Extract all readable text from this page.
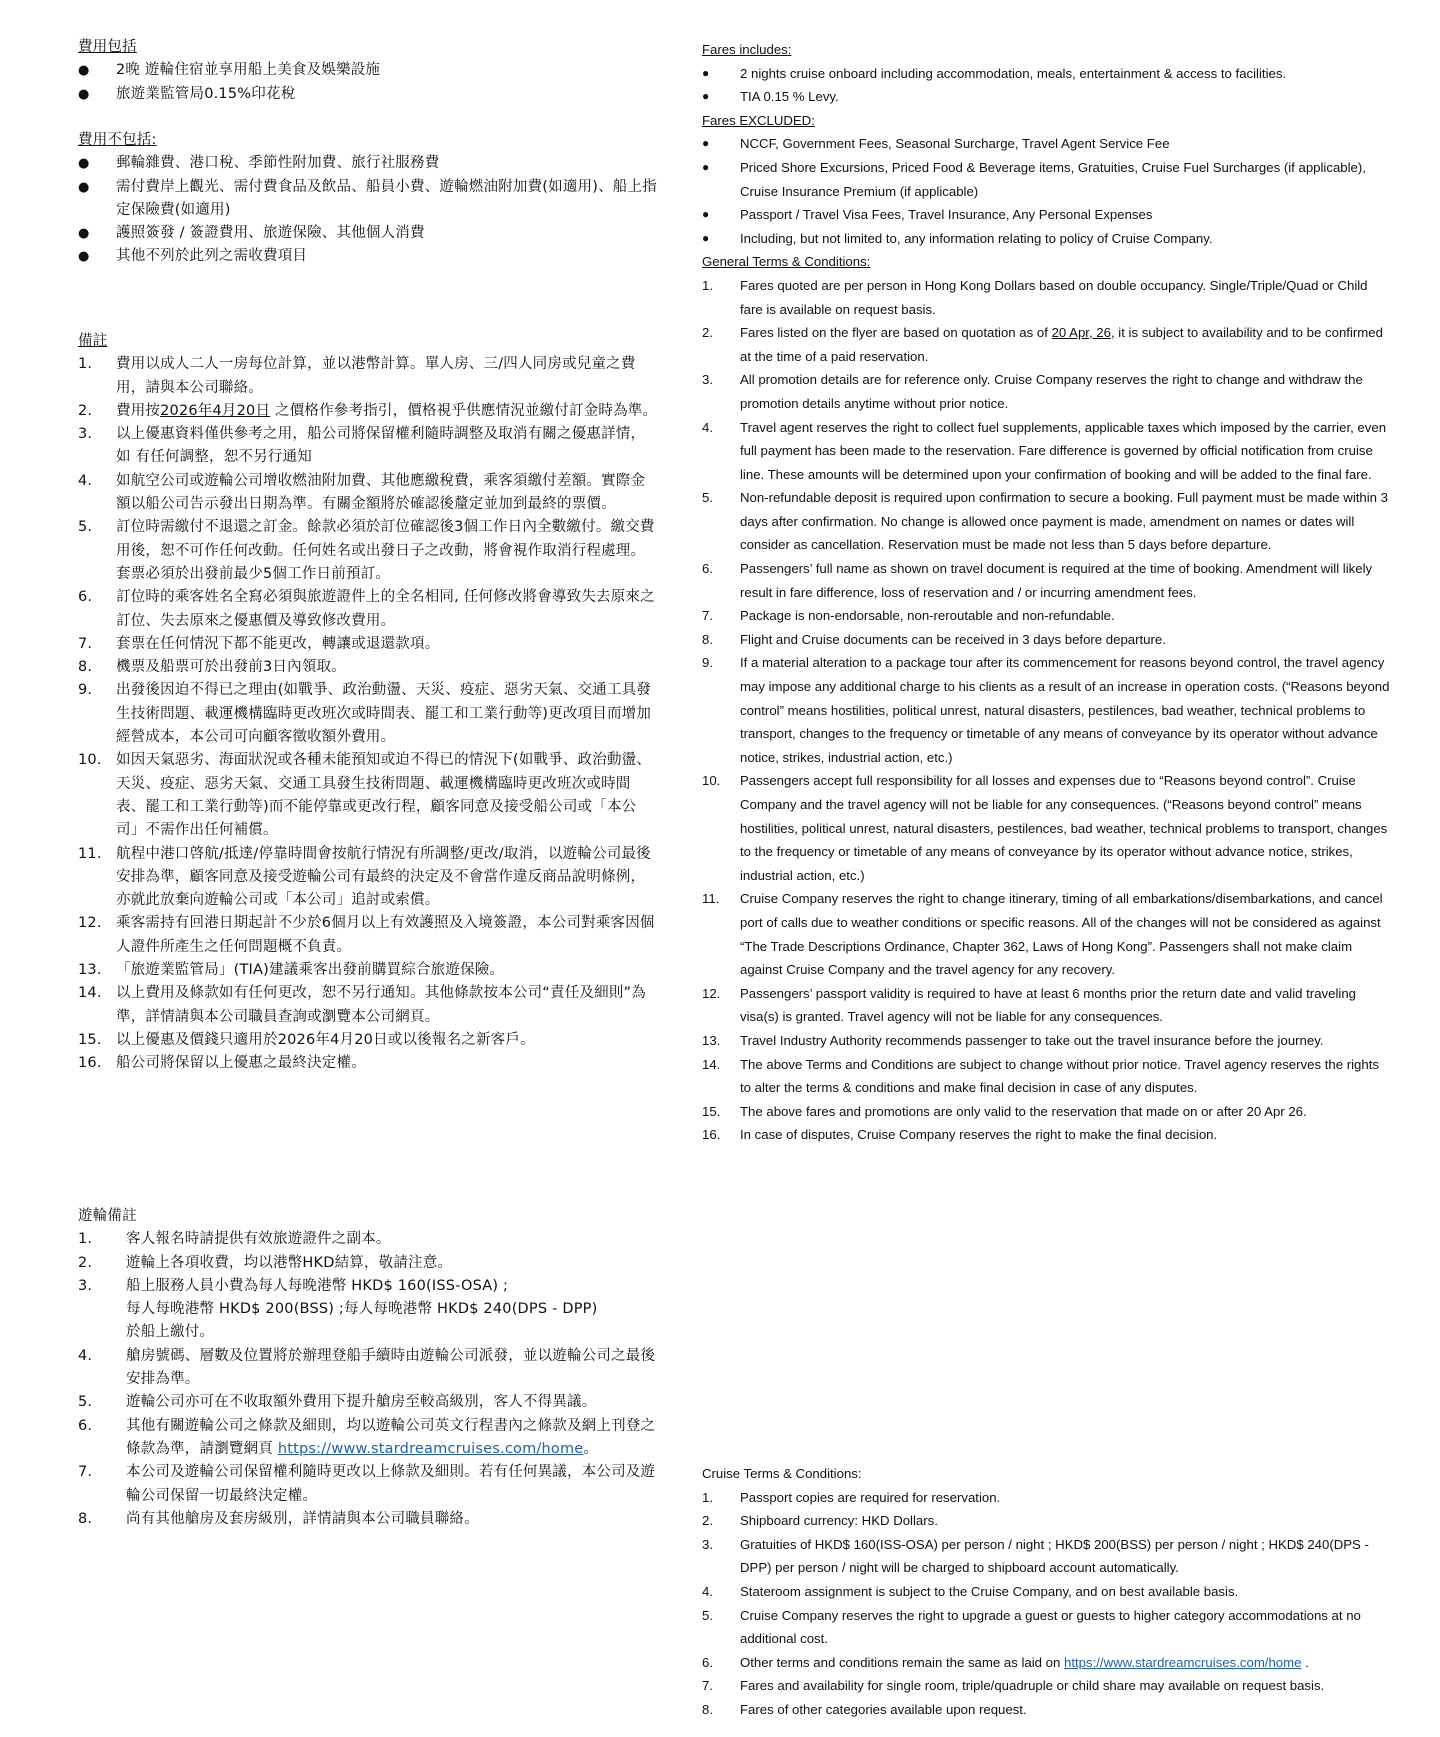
費用包括

●	2晚 遊輪住宿並享用船上美食及娛樂設施
●	旅遊業監管局0.15%印花稅

費用不包括:

●	郵輪雜費、港口稅、季節性附加費、旅行社服務費
●	需付費岸上觀光、需付費食品及飲品、船員小費、遊輪燃油附加費(如適用)、船上指定保險費(如適用)
●	護照簽發 / 簽證費用、旅遊保險、其他個人消費
●	其他不列於此列之需收費項目

備註

1.	費用以成人二人一房每位計算，並以港幣計算。單人房、三/四人同房或兒童之費用，請與本公司聯絡。
2.	費用按2026年4月20日 之價格作參考指引，價格視乎供應情況並繳付訂金時為準。
3.	以上優惠資料僅供參考之用，船公司將保留權利隨時調整及取消有關之優惠詳情，如 有任何調整，恕不另行通知
4.	如航空公司或遊輪公司增收燃油附加費、其他應繳稅費，乘客須繳付差額。實際金額以船公司告示發出日期為準。有關金額將於確認後釐定並加到最終的票價。
5.	訂位時需繳付不退還之訂金。餘款必須於訂位確認後3個工作日內全數繳付。繳交費用後，恕不可作任何改動。任何姓名或出發日子之改動，將會視作取消行程處理。套票必須於出發前最少5個工作日前預訂。
6.	訂位時的乘客姓名全寫必須與旅遊證件上的全名相同, 任何修改將會導致失去原來之訂位、失去原來之優惠價及導致修改費用。
7.	套票在任何情況下都不能更改，轉讓或退還款項。
8.	機票及船票可於出發前3日內領取。
9.	出發後因迫不得已之理由(如戰爭、政治動盪、天災、疫症、惡劣天氣、交通工具發生技術問題、載運機構臨時更改班次或時間表、罷工和工業行動等)更改項目而增加經營成本，本公司可向顧客徵收額外費用。
10. 如因天氣惡劣、海面狀況或各種未能預知或迫不得已的情況下(如戰爭、政治動盪、天災、疫症、惡劣天氣、交通工具發生技術問題、載運機構臨時更改班次或時間表、罷工和工業行動等)而不能停靠或更改行程，顧客同意及接受船公司或「本公司」不需作出任何補償。
11. 航程中港口啓航/抵達/停靠時間會按航行情況有所調整/更改/取消，以遊輪公司最後安排為準，顧客同意及接受遊輪公司有最終的決定及不會當作違反商品說明條例，亦就此放棄向遊輪公司或「本公司」追討或索償。
12. 乘客需持有回港日期起計不少於6個月以上有效護照及入境簽證，本公司對乘客因個人證件所產生之任何問題概不負責。
13. 「旅遊業監管局」(TIA)建議乘客出發前購買綜合旅遊保險。
14. 以上費用及條款如有任何更改，恕不另行通知。其他條款按本公司“責任及細則”為準，詳情請與本公司職員查詢或瀏覽本公司網頁。
15. 以上優惠及價錢只適用於2026年4月20日或以後報名之新客戶。
16. 船公司將保留以上優惠之最終決定權。

遊輪備註

1.	客人報名時請提供有效旅遊證件之副本。
2.	遊輪上各項收費，均以港幣HKD結算，敬請注意。
3.	船上服務人員小費為每人每晚港幣 HKD$ 160(ISS-OSA) ;
每人每晚港幣 HKD$ 200(BSS) ;每人每晚港幣 HKD$ 240(DPS - DPP)
於船上繳付。
4.	艙房號碼、層數及位置將於辦理登船手續時由遊輪公司派發，並以遊輪公司之最後安排為準。
5.	遊輪公司亦可在不收取額外費用下提升艙房至較高級別，客人不得異議。
6.	其他有關遊輪公司之條款及細則，均以遊輪公司英文行程書內之條款及網上刊登之條款為準，請瀏覽網頁 https://www.stardreamcruises.com/home。
7.	本公司及遊輪公司保留權利隨時更改以上條款及細則。若有任何異議，本公司及遊輪公司保留一切最終決定權。
8.	尚有其他艙房及套房級別，詳情請與本公司職員聯絡。

Fares includes:

●	2 nights cruise onboard including accommodation, meals, entertainment & access to facilities.
●	TIA 0.15 % Levy.

Fares EXCLUDED:

●	NCCF, Government Fees, Seasonal Surcharge, Travel Agent Service Fee
●	Priced Shore Excursions, Priced Food & Beverage items, Gratuities, Cruise Fuel Surcharges (if applicable), Cruise Insurance Premium (if applicable)
●	Passport / Travel Visa Fees, Travel Insurance, Any Personal Expenses
●	Including, but not limited to, any information relating to policy of Cruise Company.

General Terms & Conditions:

1.	Fares quoted are per person in Hong Kong Dollars based on double occupancy. Single/Triple/Quad or Child fare is available on request basis.
2.	Fares listed on the flyer are based on quotation as of 20 Apr, 26, it is subject to availability and to be confirmed at the time of a paid reservation.
3.	All promotion details are for reference only. Cruise Company reserves the right to change and withdraw the promotion details anytime without prior notice.
4.	Travel agent reserves the right to collect fuel supplements, applicable taxes which imposed by the carrier, even full payment has been made to the reservation. Fare difference is governed by official notification from cruise line. These amounts will be determined upon your confirmation of booking and will be added to the final fare.
5.	Non-refundable deposit is required upon confirmation to secure a booking. Full payment must be made within 3 days after confirmation. No change is allowed once payment is made, amendment on names or dates will consider as cancellation. Reservation must be made not less than 5 days before departure.
6.	Passengers’ full name as shown on travel document is required at the time of booking. Amendment will likely result in fare difference, loss of reservation and / or incurring amendment fees.
7.	Package is non-endorsable, non-reroutable and non-refundable.
8.	Flight and Cruise documents can be received in 3 days before departure.
9.	If a material alteration to a package tour after its commencement for reasons beyond control, the travel agency may impose any additional charge to his clients as a result of an increase in operation costs. (“Reasons beyond control” means hostilities, political unrest, natural disasters, pestilences, bad weather, technical problems to transport, changes to the frequency or timetable of any means of conveyance by its operator without advance notice, strikes, industrial action, etc.)
10.	Passengers accept full responsibility for all losses and expenses due to “Reasons beyond control”. Cruise Company and the travel agency will not be liable for any consequences. (“Reasons beyond control” means hostilities, political unrest, natural disasters, pestilences, bad weather, technical problems to transport, changes to the frequency or timetable of any means of conveyance by its operator without advance notice, strikes, industrial action, etc.)
11.	Cruise Company reserves the right to change itinerary, timing of all embarkations/disembarkations, and cancel port of calls due to weather conditions or specific reasons. All of the changes will not be considered as against “The Trade Descriptions Ordinance, Chapter 362, Laws of Hong Kong”. Passengers shall not make claim against Cruise Company and the travel agency for any recovery.
12.	Passengers’ passport validity is required to have at least 6 months prior the return date and valid traveling visa(s) is granted. Travel agency will not be liable for any consequences.
13.	Travel Industry Authority recommends passenger to take out the travel insurance before the journey.
14.	The above Terms and Conditions are subject to change without prior notice. Travel agency reserves the rights to alter the terms & conditions and make final decision in case of any disputes.
15.	The above fares and promotions are only valid to the reservation that made on or after 20 Apr 26.
16.	In case of disputes, Cruise Company reserves the right to make the final decision.

Cruise Terms & Conditions:

1.	Passport copies are required for reservation.
2.	Shipboard currency: HKD Dollars.
3.	Gratuities of HKD$ 160(ISS-OSA) per person / night ; HKD$ 200(BSS) per person / night ; HKD$ 240(DPS - DPP) per person / night will be charged to shipboard account automatically.
4.	Stateroom assignment is subject to the Cruise Company, and on best available basis.
5.	Cruise Company reserves the right to upgrade a guest or guests to higher category accommodations at no additional cost.
6.	Other terms and conditions remain the same as laid on https://www.stardreamcruises.com/home .
7.	Fares and availability for single room, triple/quadruple or child share may available on request basis.
8.	Fares of other categories available upon request.
